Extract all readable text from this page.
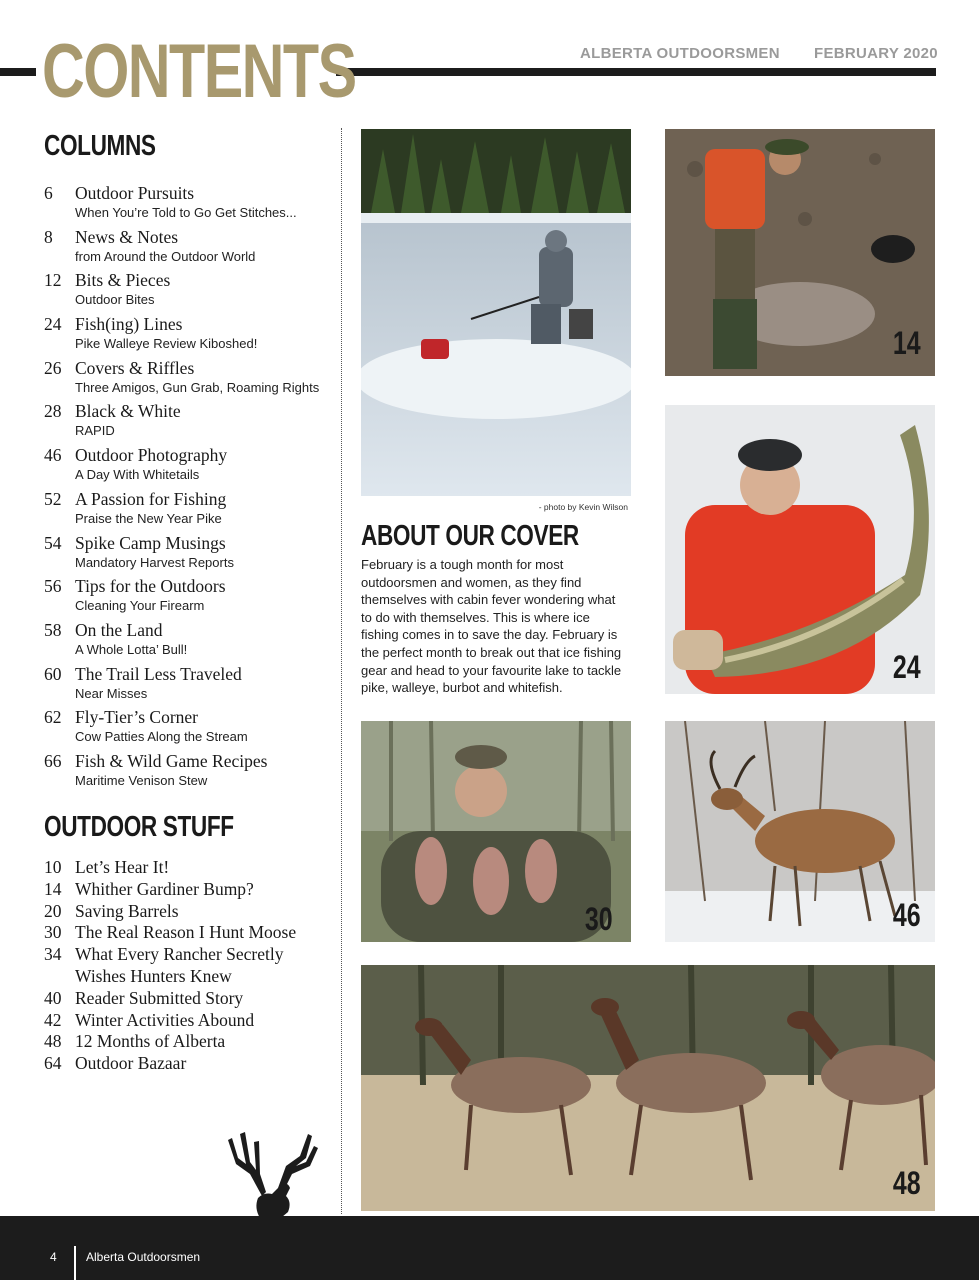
CONTENTS	ALBERTA OUTDOORSMEN FEBRUARY 2020
COLUMNS
6	Outdoor Pursuits
When You’re Told to Go Get Stitches...
8	News & Notes
from Around the Outdoor World
12 Bits & Pieces
Outdoor Bites
24 Fish(ing) Lines
Pike Walleye Review Kiboshed!
26 Covers & Riffles
Three Amigos, Gun Grab, Roaming Rights
28 Black & White
RAPID
46 Outdoor Photography
A Day With Whitetails
52 A Passion for Fishing
Praise the New Year Pike
54 Spike Camp Musings
Mandatory Harvest Reports
56 Tips for the Outdoors
Cleaning Your Firearm
58 On the Land
A Whole Lotta’ Bull!
60 The Trail Less Traveled
Near Misses
62 Fly-Tier’s Corner
Cow Patties Along the Stream
66 Fish & Wild Game Recipes
Maritime Venison Stew
OUTDOOR STUFF
10 Let’s Hear It!
14 Whither Gardiner Bump?
20 Saving Barrels
30 The Real Reason I Hunt Moose
34 What Every Rancher Secretly Wishes Hunters Knew
40 Reader Submitted Story
42 Winter Activities Abound
48 12 Months of Alberta
64 Outdoor Bazaar
- photo by Kevin Wilson
ABOUT OUR COVER
February is a tough month for most outdoorsmen and women, as they find themselves with cabin fever wondering what to do with themselves. This is where ice fishing comes in to save the day. February is the perfect month to break out that ice fishing gear and head to your favourite lake to tackle pike, walleye, burbot and whitefish.
14
24
30	46
48
4 Alberta Outdoorsmen
